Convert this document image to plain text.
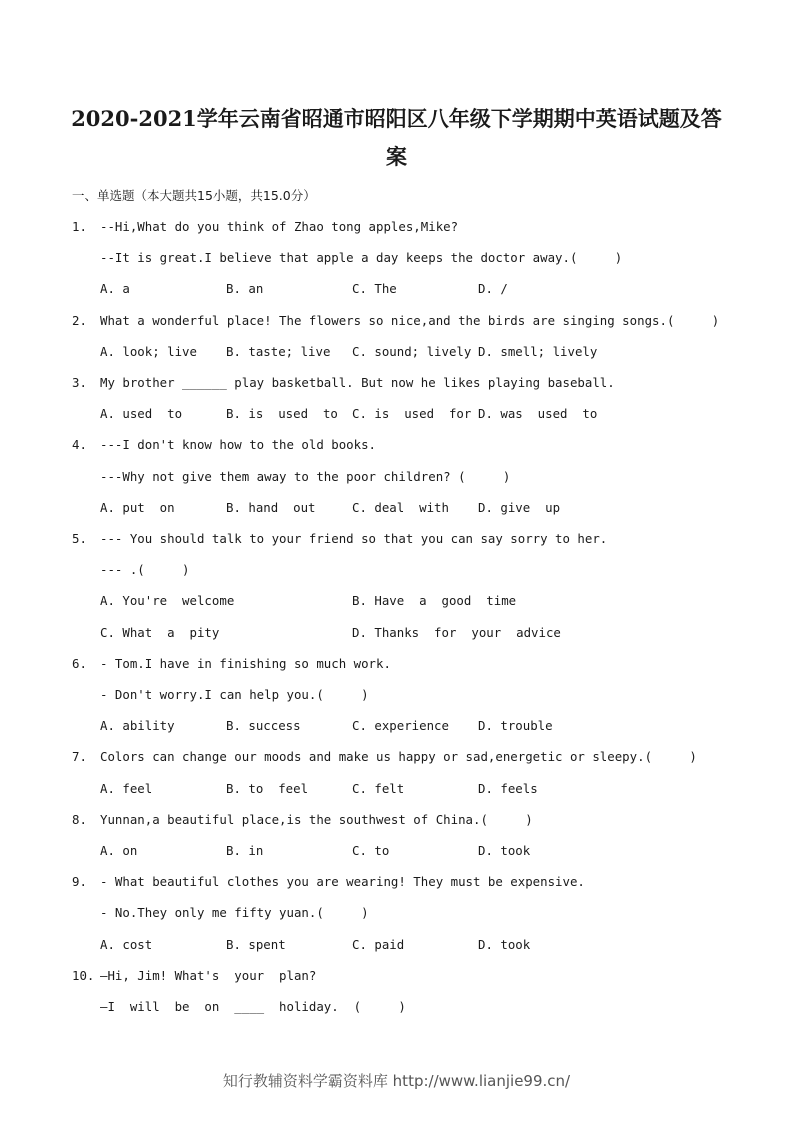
2020-2021学年云南省昭通市昭阳区八年级下学期期中英语试题及答
案
一、单选题（本大题共15小题，共15.0分）
1. --Hi,What do you think of Zhao tong apples,Mike?
--It is great.I believe that apple a day keeps the doctor away.(     )
A. a	B. an	C. The	D. /
2. What a wonderful place! The flowers so nice,and the birds are singing songs.(     )
A. look; live B. taste; live C. sound; lively D. smell; lively
3. My brother ______ play basketball. But now he likes playing baseball.
A. used  to	B. is  used  to C. is  used  for D. was  used  to
4. ---I don't know how to the old books.
---Why not give them away to the poor children? (     )
A. put  on	B. hand  out	C. deal  with D. give  up
5. --- You should talk to your friend so that you can say sorry to her.
--- .(     )
A. You're  welcome	B. Have  a  good  time
C. What  a  pity	D. Thanks  for  your  advice
6. - Tom.I have in finishing so much work.
- Don't worry.I can help you.(     )
A. ability	B. success	C. experience D. trouble
7. Colors can change our moods and make us happy or sad,energetic or sleepy.(     )
A. feel	B. to  feel	C. felt	D. feels
8. Yunnan,a beautiful place,is the southwest of China.(     )
A. on	B. in	C. to	D. took
9. - What beautiful clothes you are wearing! They must be expensive.
- No.They only me fifty yuan.(     )
A. cost	B. spent	C. paid	D. took
10. —Hi, Jim! What's  your  plan?
—I  will  be  on  ____  holiday.  (     )
知行教辅资料学霸资料库 http://www.lianjie99.cn/
